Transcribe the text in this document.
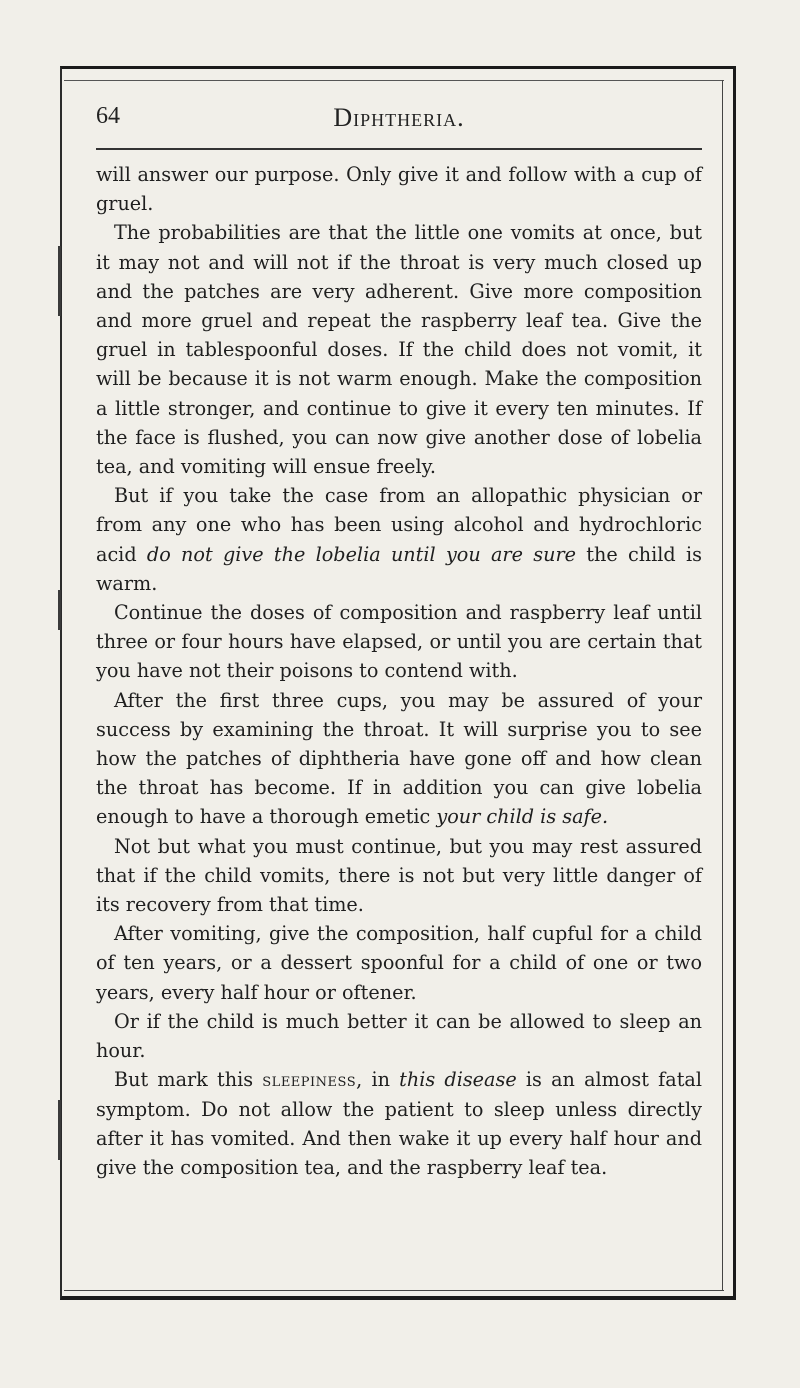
64	Diphtheria.

will answer our purpose. Only give it and follow with a cup of gruel.

The probabilities are that the little one vomits at once, but it may not and will not if the throat is very much closed up and the patches are very adherent. Give more composition and more gruel and repeat the raspberry leaf tea. Give the gruel in tablespoonful doses. If the child does not vomit, it will be because it is not warm enough. Make the composition a little stronger, and continue to give it every ten minutes. If the face is flushed, you can now give another dose of lobelia tea, and vomiting will ensue freely.

But if you take the case from an allopathic physician or from any one who has been using alcohol and hydrochloric acid do not give the lobelia until you are sure the child is warm.

Continue the doses of composition and raspberry leaf until three or four hours have elapsed, or until you are certain that you have not their poisons to contend with.

After the first three cups, you may be assured of your success by examining the throat. It will surprise you to see how the patches of diphtheria have gone off and how clean the throat has become. If in addition you can give lobelia enough to have a thorough emetic your child is safe.

Not but what you must continue, but you may rest assured that if the child vomits, there is not but very little danger of its recovery from that time.

After vomiting, give the composition, half cupful for a child of ten years, or a dessert spoonful for a child of one or two years, every half hour or oftener.

Or if the child is much better it can be allowed to sleep an hour.

But mark this sleepiness, in this disease is an almost fatal symptom. Do not allow the patient to sleep unless directly after it has vomited. And then wake it up every half hour and give the composition tea, and the raspberry leaf tea.
